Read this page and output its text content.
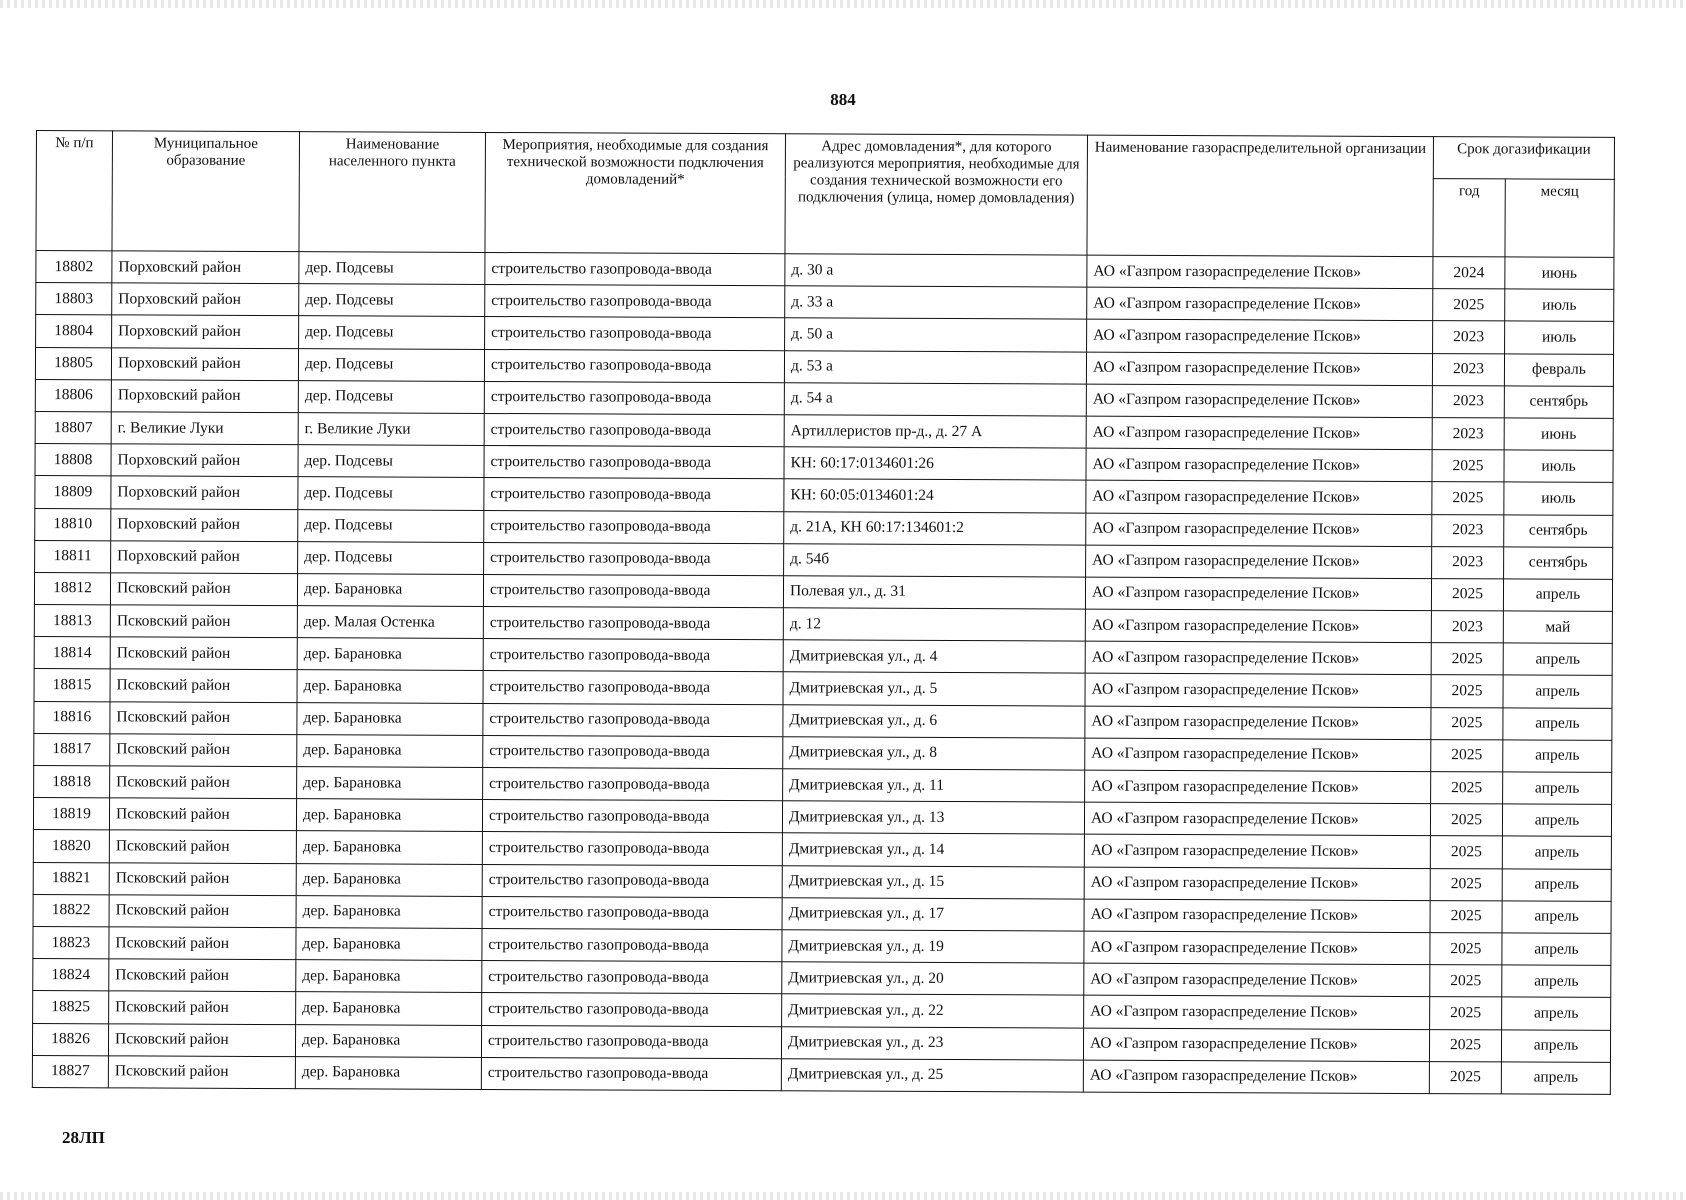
884
№ п/п	Муниципальное образование	Наименование населенного пункта	Мероприятия, необходимые для создания технической возможности подключения домовладений*	Адрес домовладения*, для которого реализуются мероприятия, необходимые для создания технической возможности его подключения (улица, номер домовладения)	Наименование газораспределительной организации	Срок догазификации	
						год	месяц
18802	Порховский район	дер. Подсевы	строительство газопровода-ввода	д. 30 а	АО «Газпром газораспределение Псков»	2024	июнь
18803	Порховский район	дер. Подсевы	строительство газопровода-ввода	д. 33 а	АО «Газпром газораспределение Псков»	2025	июль
18804	Порховский район	дер. Подсевы	строительство газопровода-ввода	д. 50 а	АО «Газпром газораспределение Псков»	2023	июль
18805	Порховский район	дер. Подсевы	строительство газопровода-ввода	д. 53 а	АО «Газпром газораспределение Псков»	2023	февраль
18806	Порховский район	дер. Подсевы	строительство газопровода-ввода	д. 54 а	АО «Газпром газораспределение Псков»	2023	сентябрь
18807	г. Великие Луки	г. Великие Луки	строительство газопровода-ввода	Артиллеристов пр-д., д. 27 А	АО «Газпром газораспределение Псков»	2023	июнь
18808	Порховский район	дер. Подсевы	строительство газопровода-ввода	КН: 60:17:0134601:26	АО «Газпром газораспределение Псков»	2025	июль
18809	Порховский район	дер. Подсевы	строительство газопровода-ввода	КН: 60:05:0134601:24	АО «Газпром газораспределение Псков»	2025	июль
18810	Порховский район	дер. Подсевы	строительство газопровода-ввода	д. 21А, КН 60:17:134601:2	АО «Газпром газораспределение Псков»	2023	сентябрь
18811	Порховский район	дер. Подсевы	строительство газопровода-ввода	д. 54б	АО «Газпром газораспределение Псков»	2023	сентябрь
18812	Псковский район	дер. Барановка	строительство газопровода-ввода	Полевая ул., д. 31	АО «Газпром газораспределение Псков»	2025	апрель
18813	Псковский район	дер. Малая Остенка	строительство газопровода-ввода	д. 12	АО «Газпром газораспределение Псков»	2023	май
18814	Псковский район	дер. Барановка	строительство газопровода-ввода	Дмитриевская ул., д. 4	АО «Газпром газораспределение Псков»	2025	апрель
18815	Псковский район	дер. Барановка	строительство газопровода-ввода	Дмитриевская ул., д. 5	АО «Газпром газораспределение Псков»	2025	апрель
18816	Псковский район	дер. Барановка	строительство газопровода-ввода	Дмитриевская ул., д. 6	АО «Газпром газораспределение Псков»	2025	апрель
18817	Псковский район	дер. Барановка	строительство газопровода-ввода	Дмитриевская ул., д. 8	АО «Газпром газораспределение Псков»	2025	апрель
18818	Псковский район	дер. Барановка	строительство газопровода-ввода	Дмитриевская ул., д. 11	АО «Газпром газораспределение Псков»	2025	апрель
18819	Псковский район	дер. Барановка	строительство газопровода-ввода	Дмитриевская ул., д. 13	АО «Газпром газораспределение Псков»	2025	апрель
18820	Псковский район	дер. Барановка	строительство газопровода-ввода	Дмитриевская ул., д. 14	АО «Газпром газораспределение Псков»	2025	апрель
18821	Псковский район	дер. Барановка	строительство газопровода-ввода	Дмитриевская ул., д. 15	АО «Газпром газораспределение Псков»	2025	апрель
18822	Псковский район	дер. Барановка	строительство газопровода-ввода	Дмитриевская ул., д. 17	АО «Газпром газораспределение Псков»	2025	апрель
18823	Псковский район	дер. Барановка	строительство газопровода-ввода	Дмитриевская ул., д. 19	АО «Газпром газораспределение Псков»	2025	апрель
18824	Псковский район	дер. Барановка	строительство газопровода-ввода	Дмитриевская ул., д. 20	АО «Газпром газораспределение Псков»	2025	апрель
18825	Псковский район	дер. Барановка	строительство газопровода-ввода	Дмитриевская ул., д. 22	АО «Газпром газораспределение Псков»	2025	апрель
18826	Псковский район	дер. Барановка	строительство газопровода-ввода	Дмитриевская ул., д. 23	АО «Газпром газораспределение Псков»	2025	апрель
18827	Псковский район	дер. Барановка	строительство газопровода-ввода	Дмитриевская ул., д. 25	АО «Газпром газораспределение Псков»	2025	апрель
28ЛП
